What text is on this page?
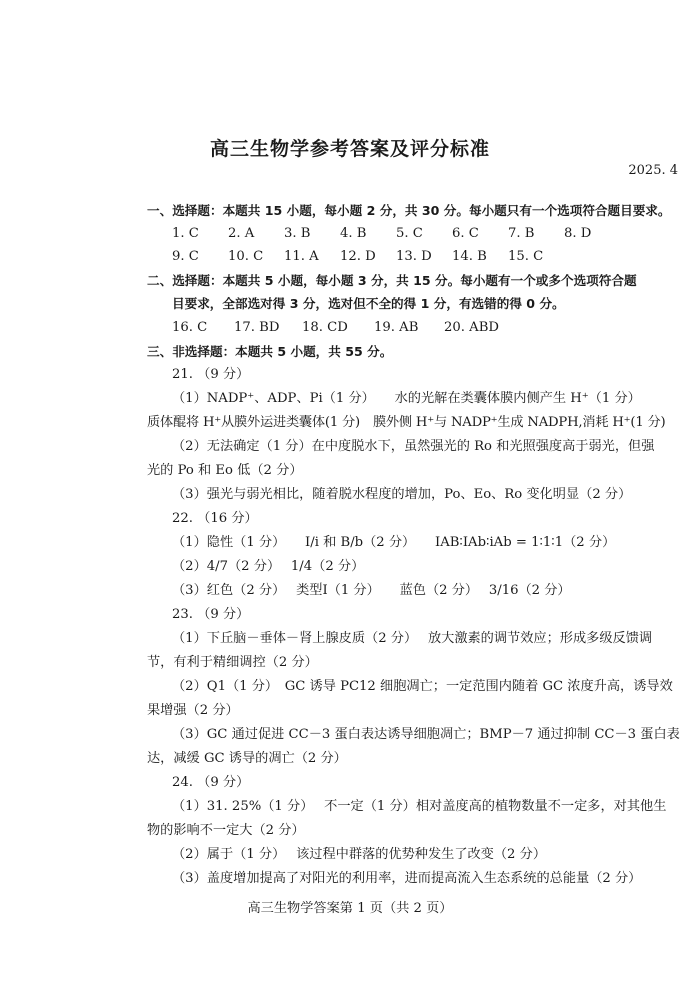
高三生物学参考答案及评分标准
2025. 4
一、选择题：本题共 15 小题，每小题 2 分，共 30 分。每小题只有一个选项符合题目要求。
1. C 2. A 3. B 4. B 5. C 6. C 7. B 8. D
9. C 10. C 11. A 12. D 13. D 14. B 15. C
二、选择题：本题共 5 小题，每小题 3 分，共 15 分。每小题有一个或多个选项符合题
目要求，全部选对得 3 分，选对但不全的得 1 分，有选错的得 0 分。
16. C 17. BD 18. CD 19. AB 20. ABD
三、非选择题：本题共 5 小题，共 55 分。
21. （9 分）
（1）NADP⁺、ADP、Pi（1 分）　　水的光解在类囊体膜内侧产生 H⁺（1 分）
质体醌将 H⁺从膜外运进类囊体(1 分)　膜外侧 H⁺与 NADP⁺生成 NADPH,消耗 H⁺(1 分)
（2）无法确定（1 分）在中度脱水下，虽然强光的 Ro 和光照强度高于弱光，但强
光的 Po 和 Eo 低（2 分）
（3）强光与弱光相比，随着脱水程度的增加，Po、Eo、Ro 变化明显（2 分）
22. （16 分）
（1）隐性（1 分）　　I/i 和 B/b（2 分）　　IAB∶IAb∶iAb = 1∶1∶1（2 分）
（2）4/7（2 分）　 1/4（2 分）
（3）红色（2 分）　 类型Ⅰ（1 分）　　蓝色（2 分）　 3/16（2 分）
23. （9 分）
（1）下丘脑－垂体－肾上腺皮质（2 分）　 放大激素的调节效应；形成多级反馈调
节，有利于精细调控（2 分）
（2）Q1（1 分）　GC 诱导 PC12 细胞凋亡；一定范围内随着 GC 浓度升高，诱导效
果增强（2 分）
（3）GC 通过促进 CC－3 蛋白表达诱导细胞凋亡；BMP－7 通过抑制 CC－3 蛋白表
达，减缓 GC 诱导的凋亡（2 分）
24. （9 分）
（1）31. 25%（1 分）　 不一定（1 分）相对盖度高的植物数量不一定多，对其他生
物的影响不一定大（2 分）
（2）属于（1 分）　 该过程中群落的优势种发生了改变（2 分）
（3）盖度增加提高了对阳光的利用率，进而提高流入生态系统的总能量（2 分）
高三生物学答案第 1 页（共 2 页）
